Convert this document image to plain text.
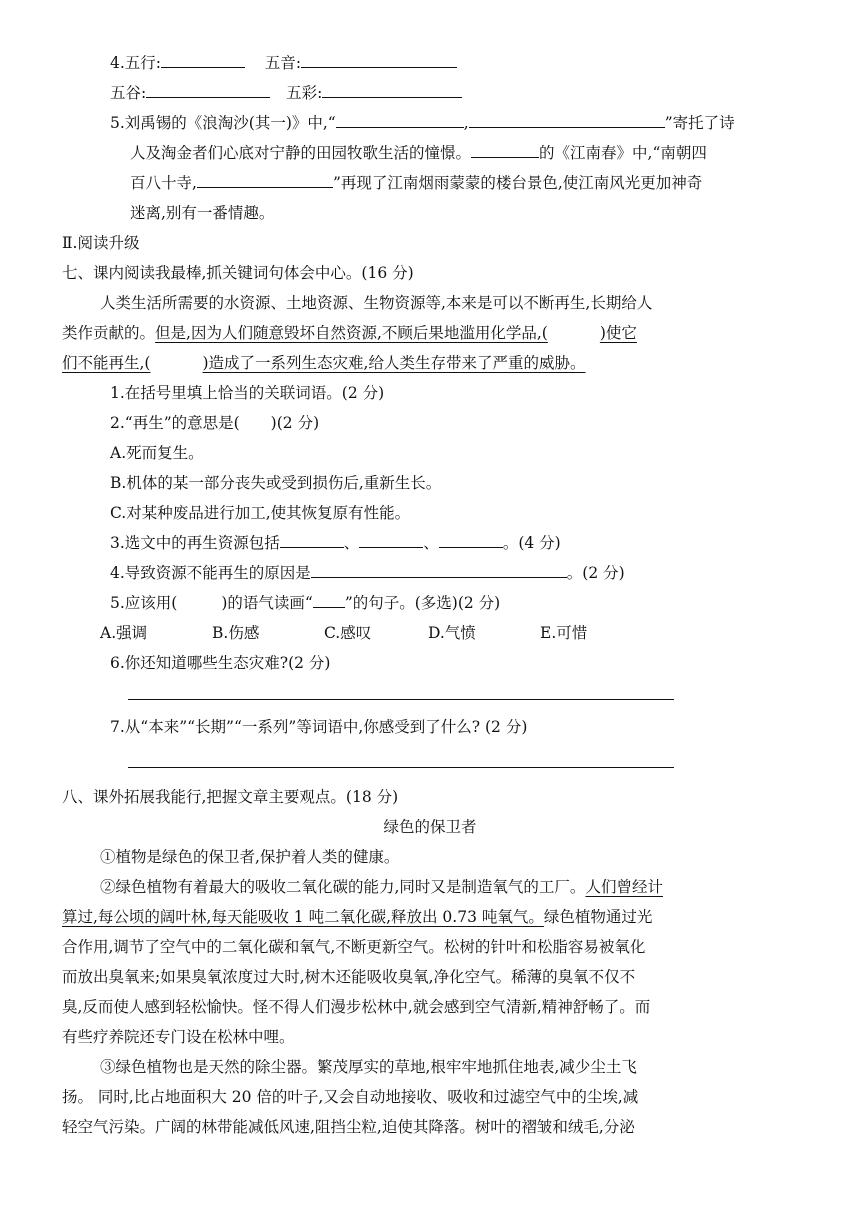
4.五行:	五音:
五谷:	五彩:
5.刘禹锡的《浪淘沙(其一)》中,“	,	”寄托了诗
人及淘金者们心底对宁静的田园牧歌生活的憧憬。	的《江南春》中,“南朝四
百八十寺,	”再现了江南烟雨蒙蒙的楼台景色,使江南风光更加神奇
迷离,别有一番情趣。
Ⅱ.阅读升级
七、课内阅读我最棒,抓关键词句体会中心。(16 分)
人类生活所需要的水资源、土地资源、生物资源等,本来是可以不断再生,长期给人
类作贡献的。但是,因为人们随意毁坏自然资源,不顾后果地滥用化学品,(	)使它
们不能再生,(	)造成了一系列生态灾难,给人类生存带来了严重的威胁。
1.在括号里填上恰当的关联词语。(2 分)
2.“再生”的意思是(　　)(2 分)
A.死而复生。
B.机体的某一部分丧失或受到损伤后,重新生长。
C.对某种废品进行加工,使其恢复原有性能。
3.选文中的再生资源包括	、	、	。(4 分)
4.导致资源不能再生的原因是	。(2 分)
5.应该用(	)的语气读画“ ”的句子。(多选)(2 分)
A.强调	B.伤感	C.感叹	D.气愤	E.可惜
6.你还知道哪些生态灾难?(2 分)
7.从“本来”“长期”“一系列”等词语中,你感受到了什么? (2 分)
八、课外拓展我能行,把握文章主要观点。(18 分)
绿色的保卫者
①植物是绿色的保卫者,保护着人类的健康。
②绿色植物有着最大的吸收二氧化碳的能力,同时又是制造氧气的工厂。人们曾经计
算过,每公顷的阔叶林,每天能吸收 1 吨二氧化碳,释放出 0.73 吨氧气。绿色植物通过光
合作用,调节了空气中的二氧化碳和氧气,不断更新空气。松树的针叶和松脂容易被氧化
而放出臭氧来;如果臭氧浓度过大时,树木还能吸收臭氧,净化空气。稀薄的臭氧不仅不
臭,反而使人感到轻松愉快。怪不得人们漫步松林中,就会感到空气清新,精神舒畅了。而
有些疗养院还专门设在松林中哩。
③绿色植物也是天然的除尘器。繁茂厚实的草地,根牢牢地抓住地表,减少尘土飞
扬。 同时,比占地面积大 20 倍的叶子,又会自动地接收、吸收和过滤空气中的尘埃,减
轻空气污染。广阔的林带能减低风速,阻挡尘粒,迫使其降落。树叶的褶皱和绒毛,分泌
